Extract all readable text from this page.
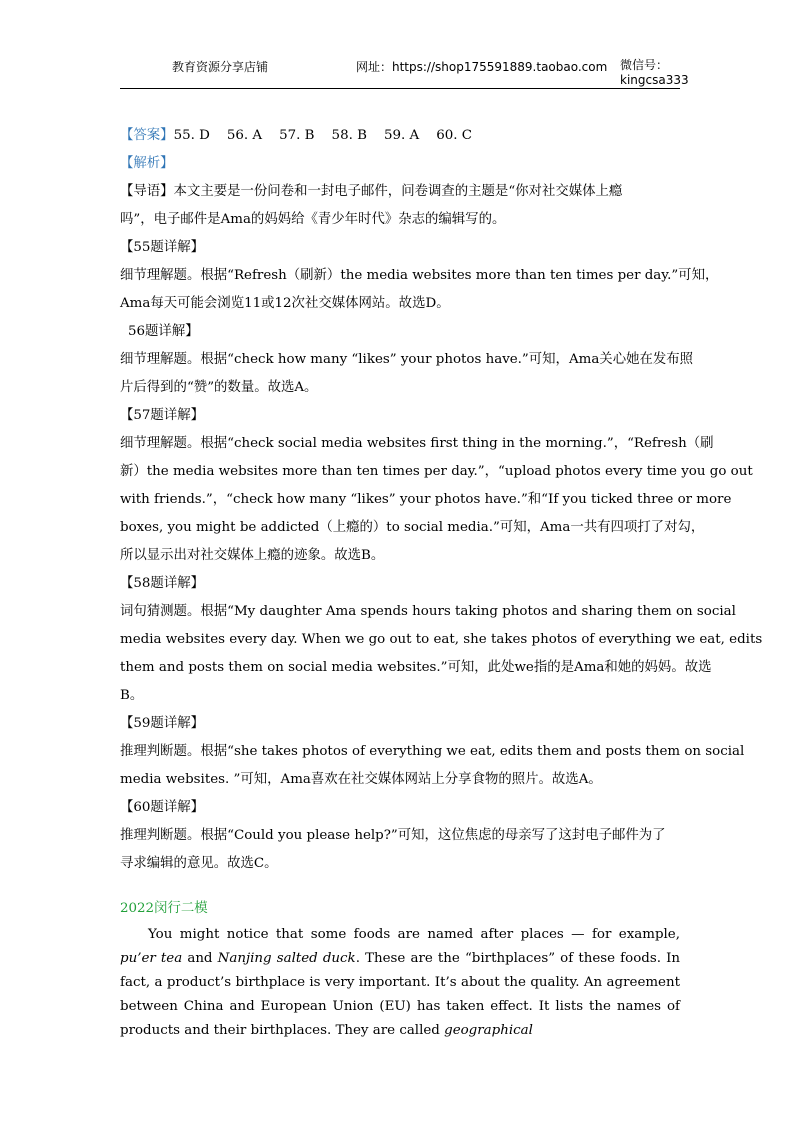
教育资源分享店铺	网址：https://shop175591889.taobao.com 微信号：
kingcsa333
【答案】55. D    56. A    57. B    58. B    59. A    60. C
【解析】
【导语】本文主要是一份问卷和一封电子邮件，问卷调查的主题是“你对社交媒体上瘾
吗”，电子邮件是Ama的妈妈给《青少年时代》杂志的编辑写的。
【55题详解】
细节理解题。根据“Refresh（刷新）the media websites more than ten times per day.”可知，
Ama每天可能会浏览11或12次社交媒体网站。故选D。
56题详解】
细节理解题。根据“check how many “likes” your photos have.”可知，Ama关心她在发布照
片后得到的“赞”的数量。故选A。
【57题详解】
细节理解题。根据“check social media websites first thing in the morning.”，“Refresh（刷
新）the media websites more than ten times per day.”，“upload photos every time you go out
with friends.”，“check how many “likes” your photos have.”和“If you ticked three or more
boxes, you might be addicted（上瘾的）to social media.”可知，Ama一共有四项打了对勾，
所以显示出对社交媒体上瘾的迹象。故选B。
【58题详解】
词句猜测题。根据“My daughter Ama spends hours taking photos and sharing them on social
media websites every day. When we go out to eat, she takes photos of everything we eat, edits
them and posts them on social media websites.”可知，此处we指的是Ama和她的妈妈。故选
B。
【59题详解】
推理判断题。根据“she takes photos of everything we eat, edits them and posts them on social
media websites. ”可知，Ama喜欢在社交媒体网站上分享食物的照片。故选A。
【60题详解】
推理判断题。根据“Could you please help?”可知，这位焦虑的母亲写了这封电子邮件为了
寻求编辑的意见。故选C。
2022闵行二模

You might notice that some foods are named after places — for example, pu’er tea and Nanjing salted duck. These are the “birthplaces” of these foods. In fact, a product’s birthplace is very important. It’s about the quality. An agreement between China and European Union (EU) has taken effect. It lists the names of products and their birthplaces. They are called geographical
